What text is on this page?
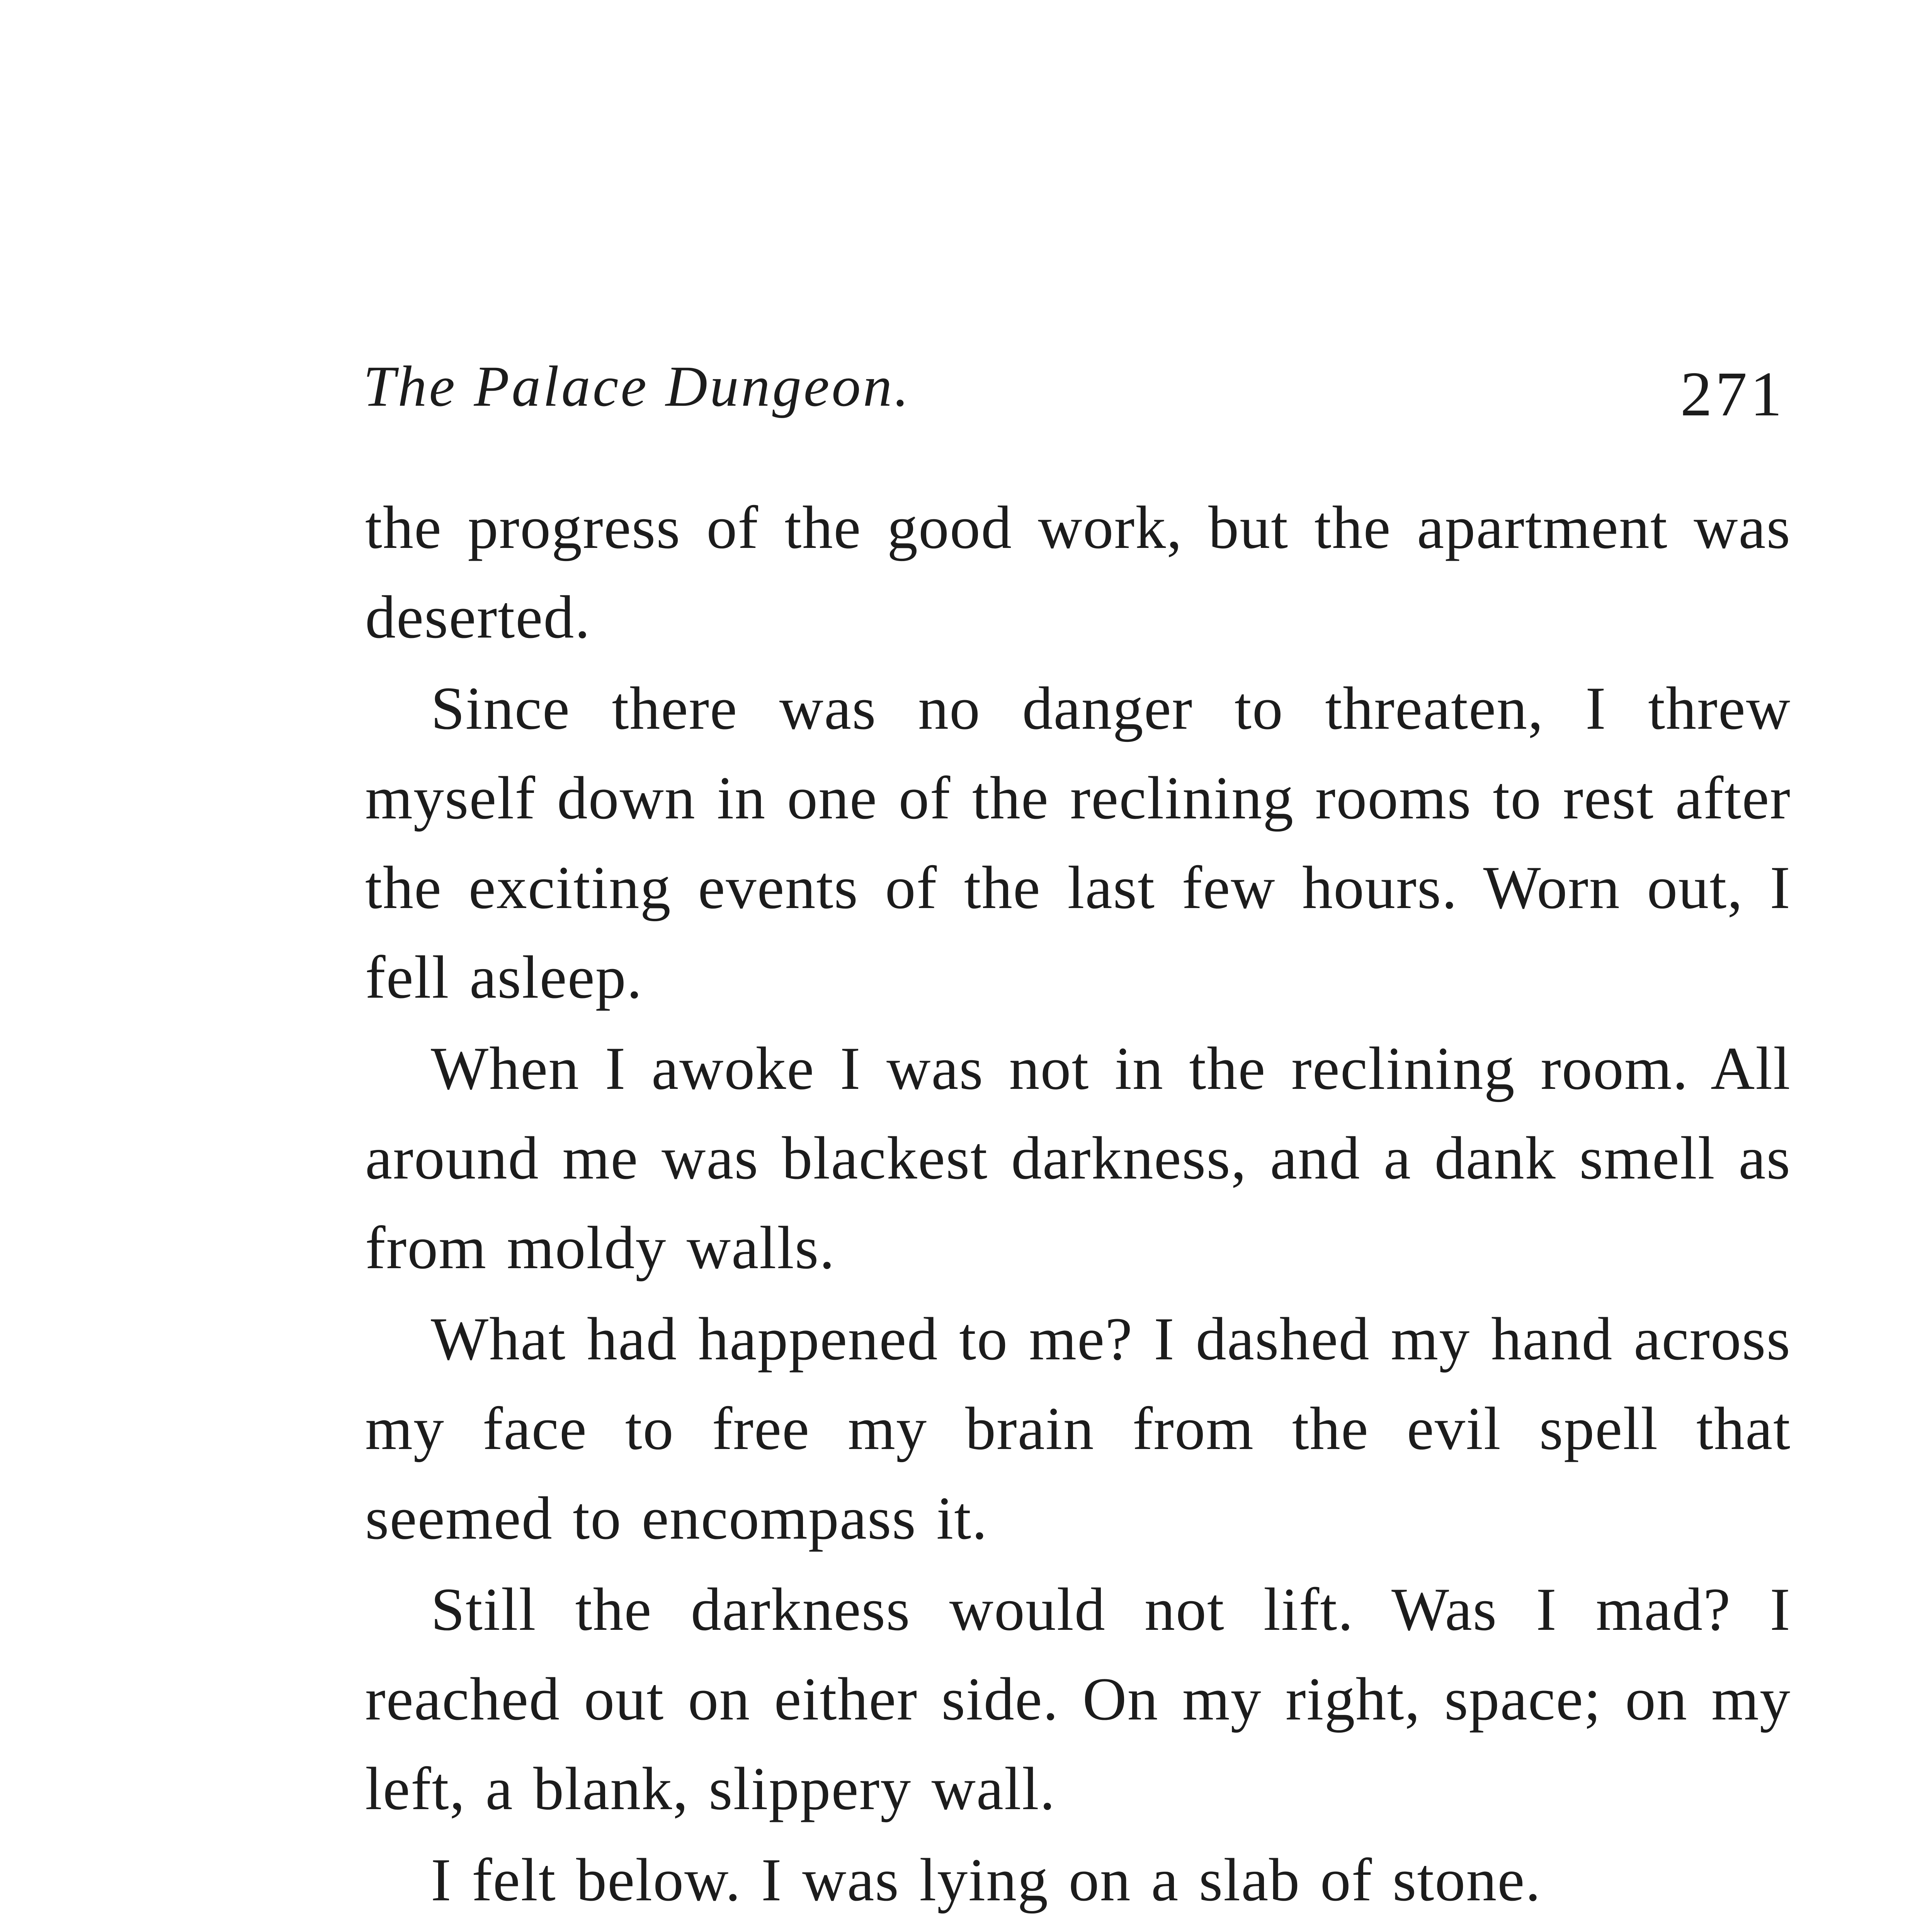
The Palace Dungeon.	271

the progress of the good work, but the apartment was deserted.

Since there was no danger to threaten, I threw myself down in one of the reclining rooms to rest after the exciting events of the last few hours. Worn out, I fell asleep.

When I awoke I was not in the reclining room. All around me was blackest darkness, and a dank smell as from moldy walls.

What had happened to me? I dashed my hand across my face to free my brain from the evil spell that seemed to encompass it.

Still the darkness would not lift. Was I mad? I reached out on either side. On my right, space; on my left, a blank, slippery wall.

I felt below. I was lying on a slab of stone.
